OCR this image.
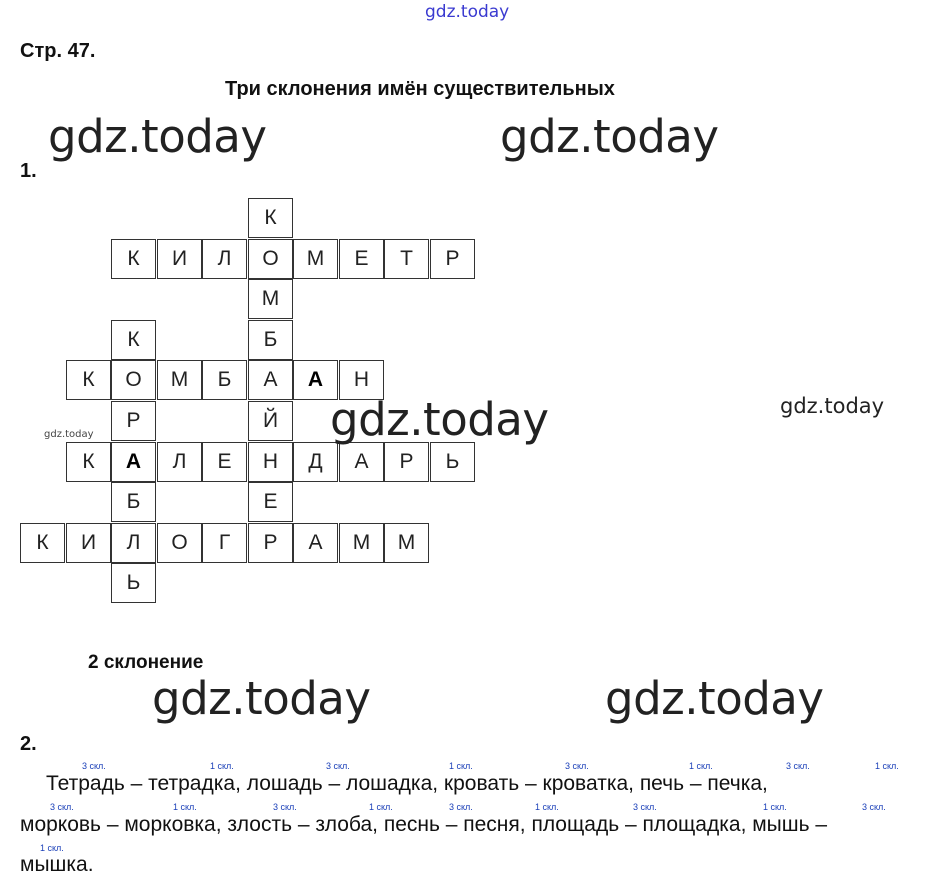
gdz.today
Стр. 47.
Три склонения имён существительных
gdz.today	gdz.today
1.
К
О
М
Б
А
Й
Н
Е
Р
К
О
Р
А
Б
Л
Ь
К	И	Л	М	Е	Т	Р
К	М	Б	А	Н
К	Л	Е	Д	А	Р	Ь
К	И	О	Г	А	М	М
gdz.today	gdz.today
gdz.today
2 склонение
gdz.today	gdz.today
2.
3 скл.	1 скл.	3 скл.	1 скл.	3 скл.	1 скл.	3 скл.	1 скл.
Тетрадь – тетрадка, лошадь – лошадка, кровать – кроватка, печь – печка,
3 скл.	1 скл.	3 скл.	1 скл.	3 скл.	1 скл.	3 скл.	1 скл.	3 скл.
морковь – морковка, злость – злоба, песнь – песня, площадь – площадка, мышь –
1 скл.
мышка.
